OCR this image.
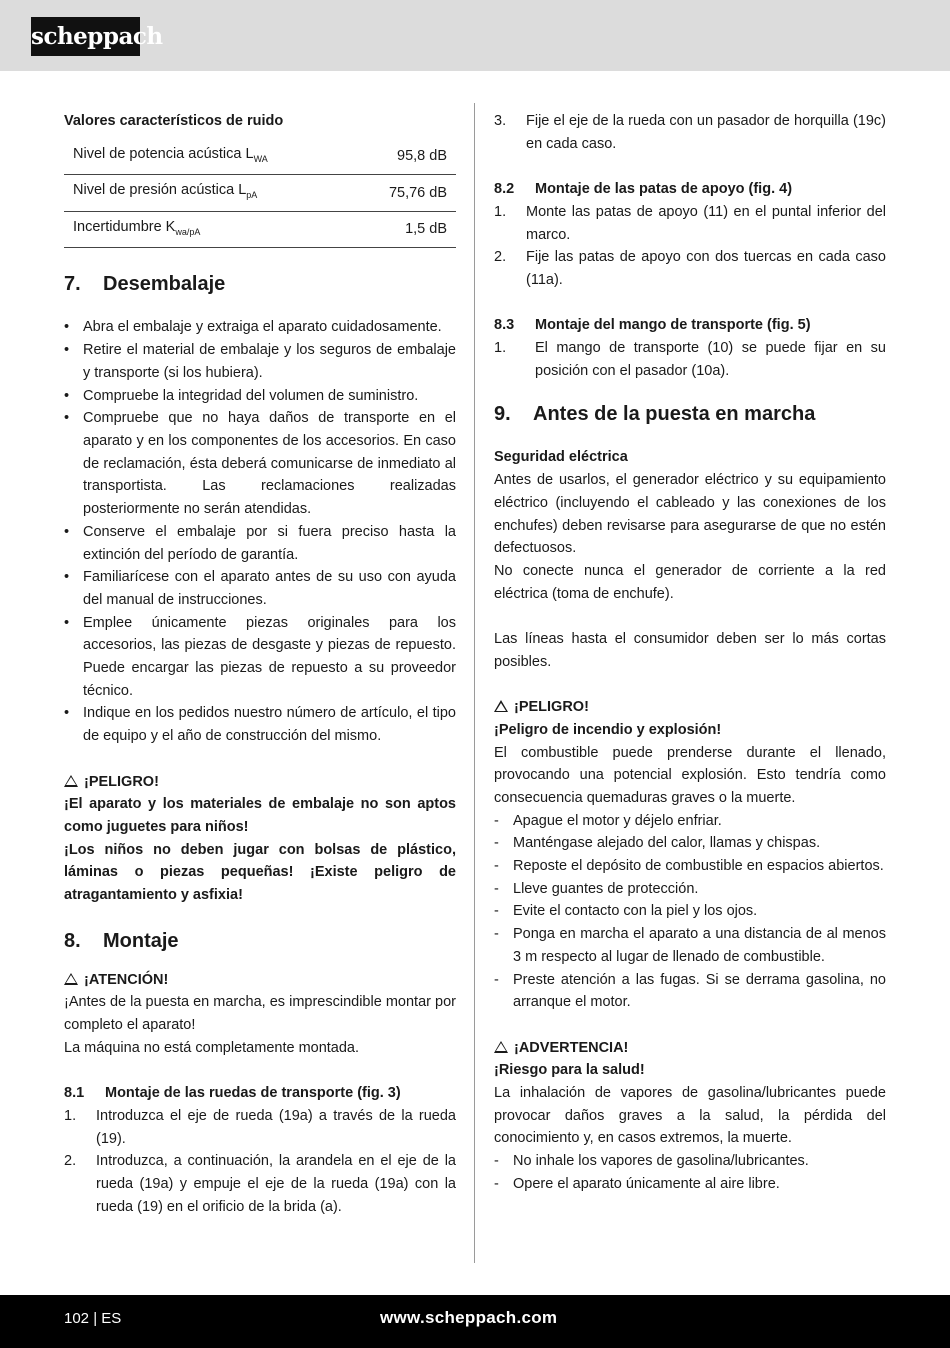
scheppach

Valores característicos de ruido

Nivel de potencia acústica $L_{WA}$	95,8 dB
Nivel de presión acústica $L_{pA}$	75,76 dB
Incertidumbre $K_{wa/pA}$	1,5 dB

7. Desembalaje

• Abra el embalaje y extraiga el aparato cuidadosamente.
• Retire el material de embalaje y los seguros de embalaje y transporte (si los hubiera).
• Compruebe la integridad del volumen de suministro.
• Compruebe que no haya daños de transporte en el aparato y en los componentes de los accesorios. En caso de reclamación, ésta deberá comunicarse de inmediato al transportista. Las reclamaciones realizadas posteriormente no serán atendidas.
• Conserve el embalaje por si fuera preciso hasta la extinción del período de garantía.
• Familiarícese con el aparato antes de su uso con ayuda del manual de instrucciones.
• Emplee únicamente piezas originales para los accesorios, las piezas de desgaste y piezas de repuesto. Puede encargar las piezas de repuesto a su proveedor técnico.
• Indique en los pedidos nuestro número de artículo, el tipo de equipo y el año de construcción del mismo.

¡PELIGRO!

¡El aparato y los materiales de embalaje no son aptos como juguetes para niños!

¡Los niños no deben jugar con bolsas de plástico, láminas o piezas pequeñas! ¡Existe peligro de atragantamiento y asfixia!

8. Montaje

¡ATENCIÓN!

¡Antes de la puesta en marcha, es imprescindible montar por completo el aparato!

La máquina no está completamente montada.

8.1 Montaje de las ruedas de transporte (fig. 3)

1. Introduzca el eje de rueda (19a) a través de la rueda (19).
2. Introduzca, a continuación, la arandela en el eje de la rueda (19a) y empuje el eje de la rueda (19a) con la rueda (19) en el orificio de la brida (a).
3. Fije el eje de la rueda con un pasador de horquilla (19c) en cada caso.

8.2 Montaje de las patas de apoyo (fig. 4)

1. Monte las patas de apoyo (11) en el puntal inferior del marco.
2. Fije las patas de apoyo con dos tuercas en cada caso (11a).

8.3 Montaje del mango de transporte (fig. 5)

1. El mango de transporte (10) se puede fijar en su posición con el pasador (10a).

9. Antes de la puesta en marcha

Seguridad eléctrica

Antes de usarlos, el generador eléctrico y su equipamiento eléctrico (incluyendo el cableado y las conexiones de los enchufes) deben revisarse para asegurarse de que no estén defectuosos.

No conecte nunca el generador de corriente a la red eléctrica (toma de enchufe).

Las líneas hasta el consumidor deben ser lo más cortas posibles.

¡PELIGRO!

¡Peligro de incendio y explosión!

El combustible puede prenderse durante el llenado, provocando una potencial explosión. Esto tendría como consecuencia quemaduras graves o la muerte.

- Apague el motor y déjelo enfriar.
- Manténgase alejado del calor, llamas y chispas.
- Reposte el depósito de combustible en espacios abiertos.
- Lleve guantes de protección.
- Evite el contacto con la piel y los ojos.
- Ponga en marcha el aparato a una distancia de al menos 3 m respecto al lugar de llenado de combustible.
- Preste atención a las fugas. Si se derrama gasolina, no arranque el motor.

¡ADVERTENCIA!

¡Riesgo para la salud!

La inhalación de vapores de gasolina/lubricantes puede provocar daños graves a la salud, la pérdida del conocimiento y, en casos extremos, la muerte.

- No inhale los vapores de gasolina/lubricantes.
- Opere el aparato únicamente al aire libre.
102 | ES	www.scheppach.com
